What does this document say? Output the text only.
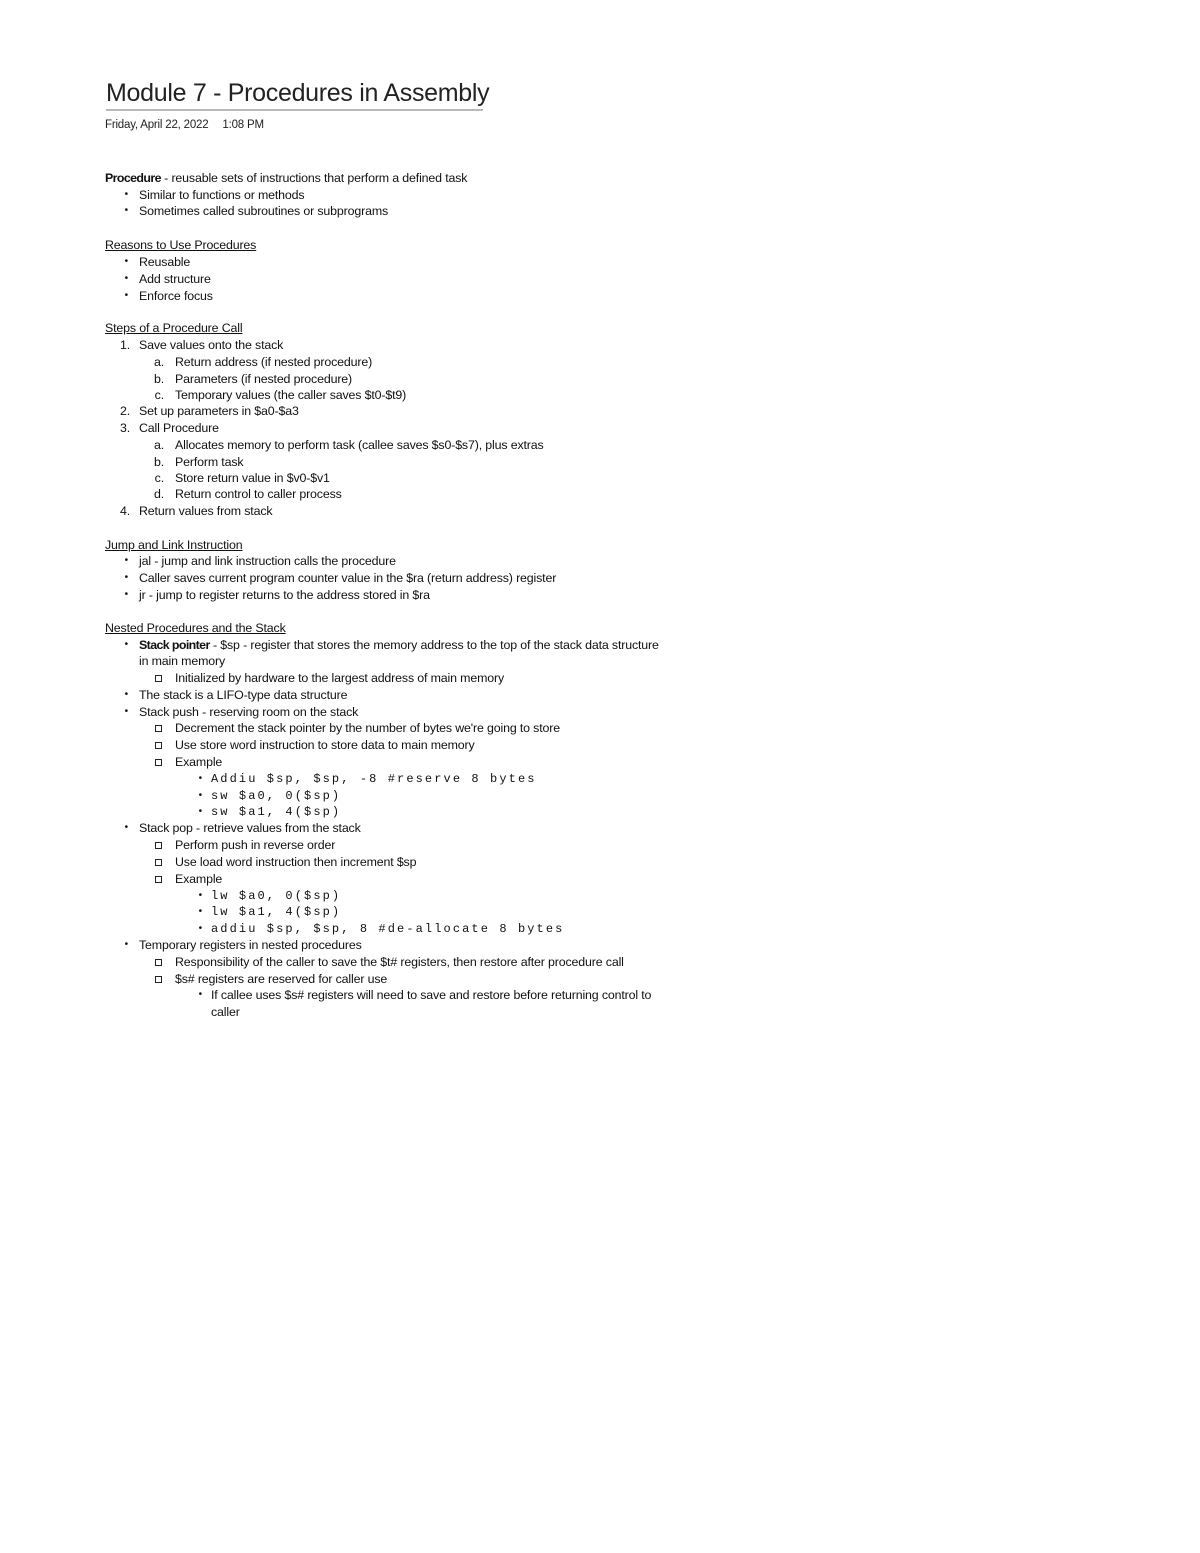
Module 7 - Procedures in Assembly
Friday, April 22, 2022 1:08 PM
Procedure - reusable sets of instructions that perform a defined task
• Similar to functions or methods
• Sometimes called subroutines or subprograms
Reasons to Use Procedures
• Reusable
• Add structure
• Enforce focus
Steps of a Procedure Call
1. Save values onto the stack
a. Return address (if nested procedure)
b. Parameters (if nested procedure)
c. Temporary values (the caller saves $t0-$t9)
2. Set up parameters in $a0-$a3
3. Call Procedure
a. Allocates memory to perform task (callee saves $s0-$s7), plus extras
b. Perform task
c. Store return value in $v0-$v1
d. Return control to caller process
4. Return values from stack
Jump and Link Instruction
• jal - jump and link instruction calls the procedure
• Caller saves current program counter value in the $ra (return address) register
• jr - jump to register returns to the address stored in $ra
Nested Procedures and the Stack
• Stack pointer - $sp - register that stores the memory address to the top of the stack data structure
in main memory
Initialized by hardware to the largest address of main memory
• The stack is a LIFO-type data structure
• Stack push - reserving room on the stack
Decrement the stack pointer by the number of bytes we're going to store
Use store word instruction to store data to main memory
Example
• Addiu $sp, $sp, -8 #reserve 8 bytes
• sw $a0, 0($sp)
• sw $a1, 4($sp)
• Stack pop - retrieve values from the stack
Perform push in reverse order
Use load word instruction then increment $sp
Example
• lw $a0, 0($sp)
• lw $a1, 4($sp)
• addiu $sp, $sp, 8 #de-allocate 8 bytes
• Temporary registers in nested procedures
Responsibility of the caller to save the $t# registers, then restore after procedure call
$s# registers are reserved for caller use
• If callee uses $s# registers will need to save and restore before returning control to
caller
